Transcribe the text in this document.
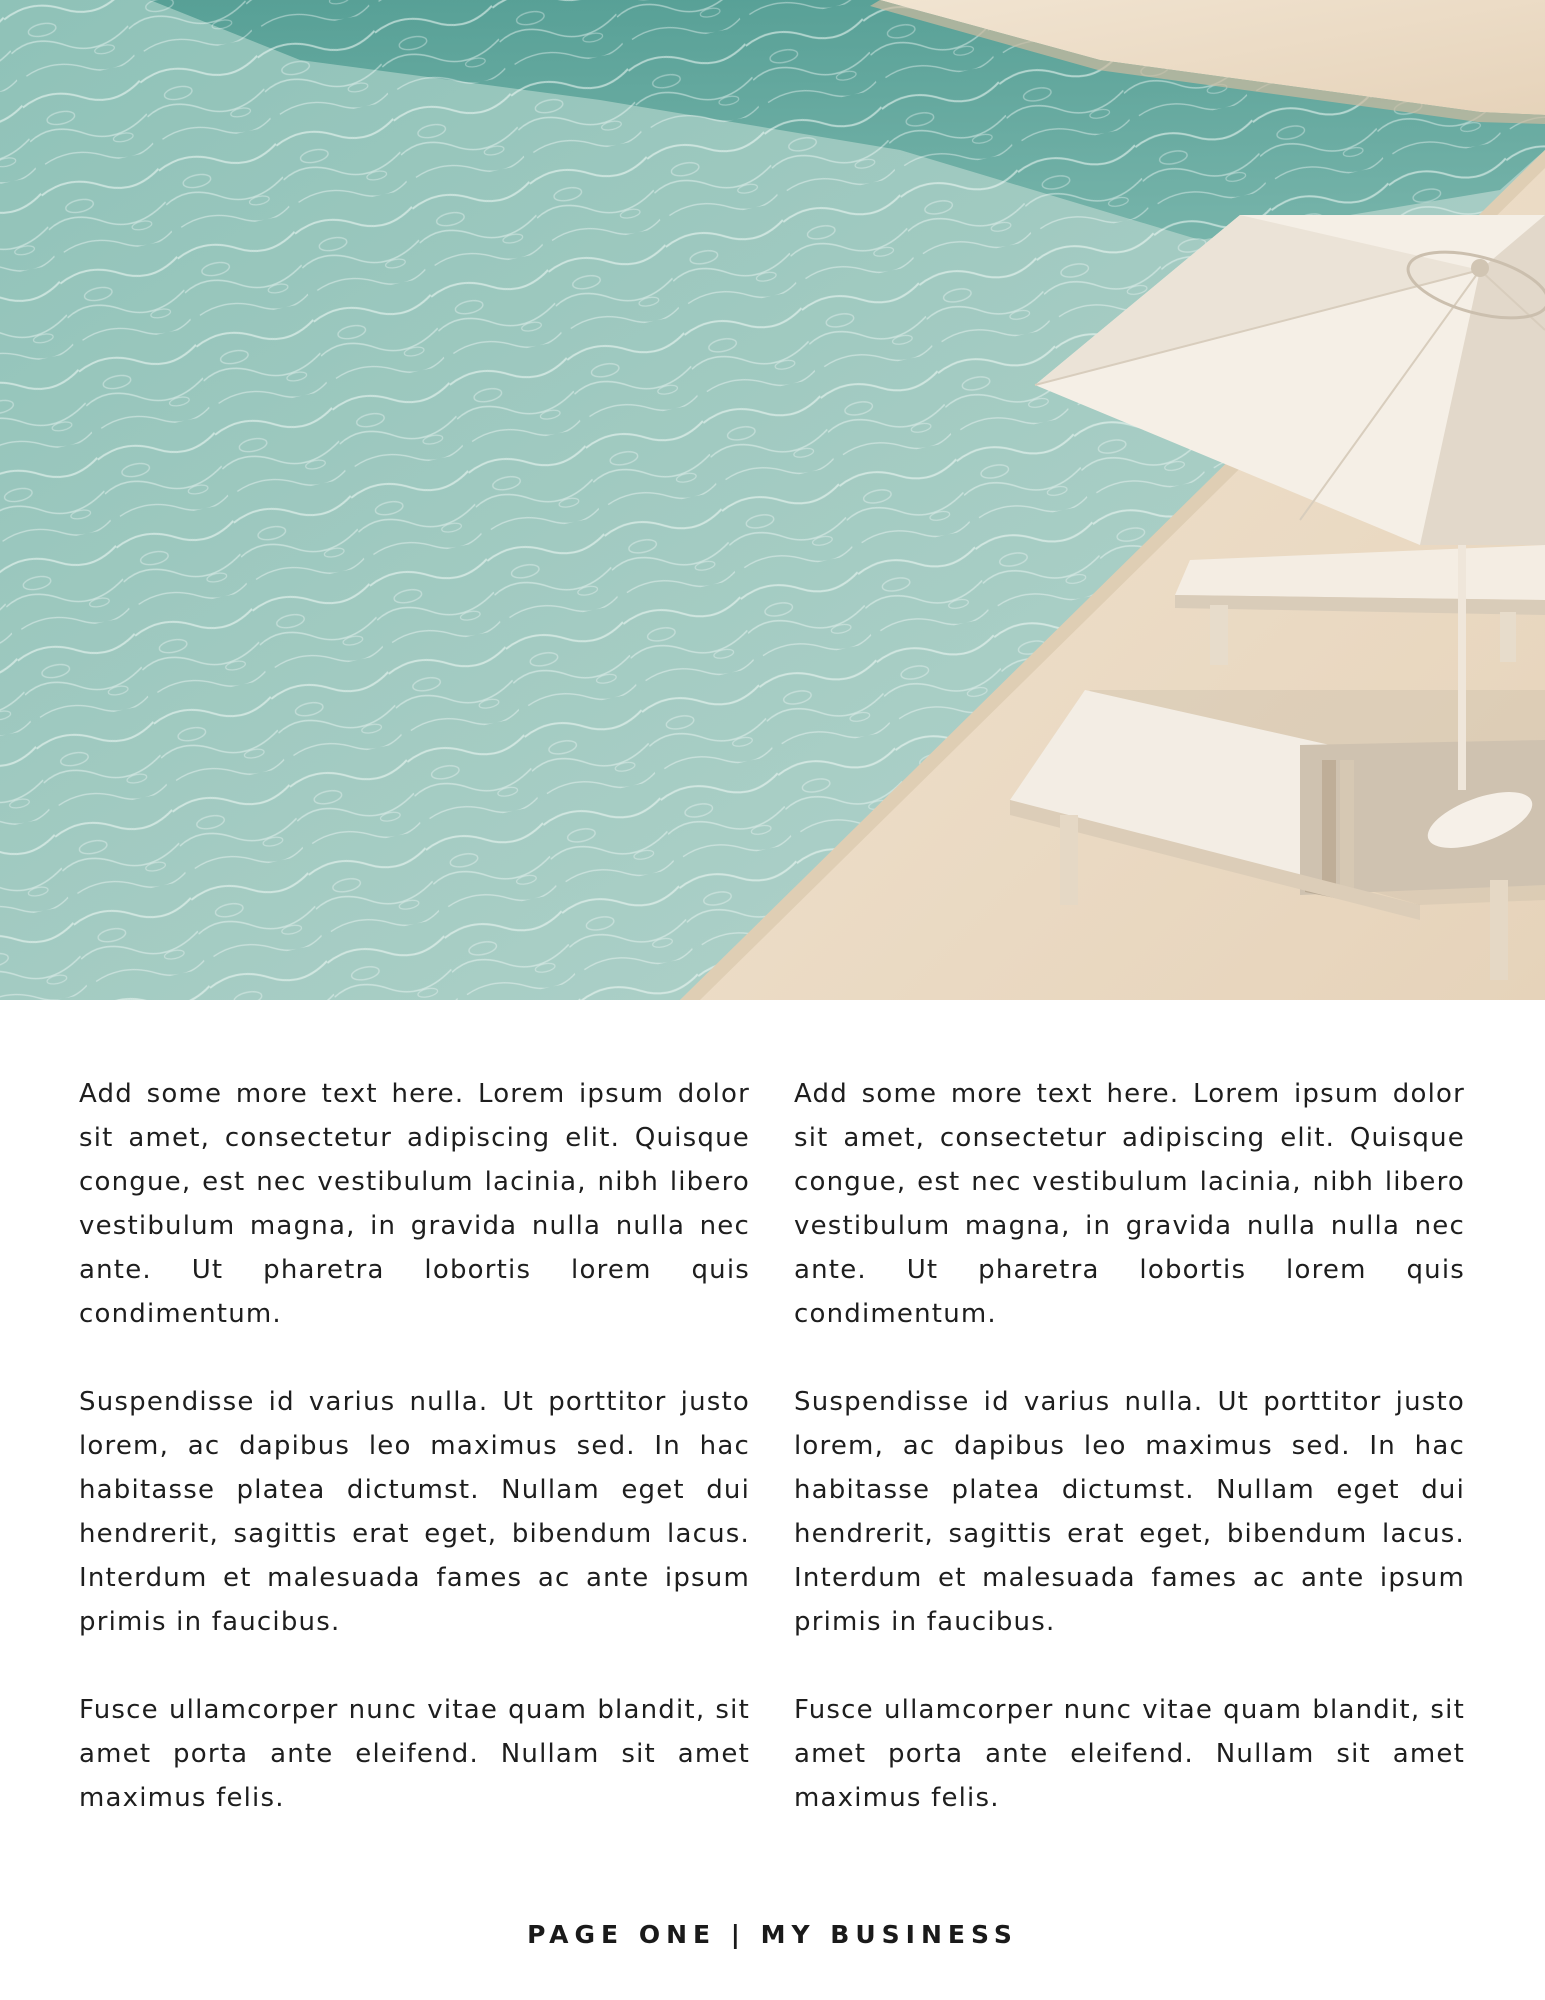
Add some more text here. Lorem ipsum dolor sit amet, consectetur adipiscing elit. Quisque congue, est nec vestibulum lacinia, nibh libero vestibulum magna, in gravida nulla nulla nec ante. Ut pharetra lobortis lorem quis condimentum.

Suspendisse id varius nulla. Ut porttitor justo lorem, ac dapibus leo maximus sed. In hac habitasse platea dictumst. Nullam eget dui hendrerit, sagittis erat eget, bibendum lacus. Interdum et malesuada fames ac ante ipsum primis in faucibus.

Fusce ullamcorper nunc vitae quam blandit, sit amet porta ante eleifend. Nullam sit amet maximus felis.

Add some more text here. Lorem ipsum dolor sit amet, consectetur adipiscing elit. Quisque congue, est nec vestibulum lacinia, nibh libero vestibulum magna, in gravida nulla nulla nec ante. Ut pharetra lobortis lorem quis condimentum.

Suspendisse id varius nulla. Ut porttitor justo lorem, ac dapibus leo maximus sed. In hac habitasse platea dictumst. Nullam eget dui hendrerit, sagittis erat eget, bibendum lacus. Interdum et malesuada fames ac ante ipsum primis in faucibus.

Fusce ullamcorper nunc vitae quam blandit, sit amet porta ante eleifend. Nullam sit amet maximus felis.

PAGE ONE | MY BUSINESS
